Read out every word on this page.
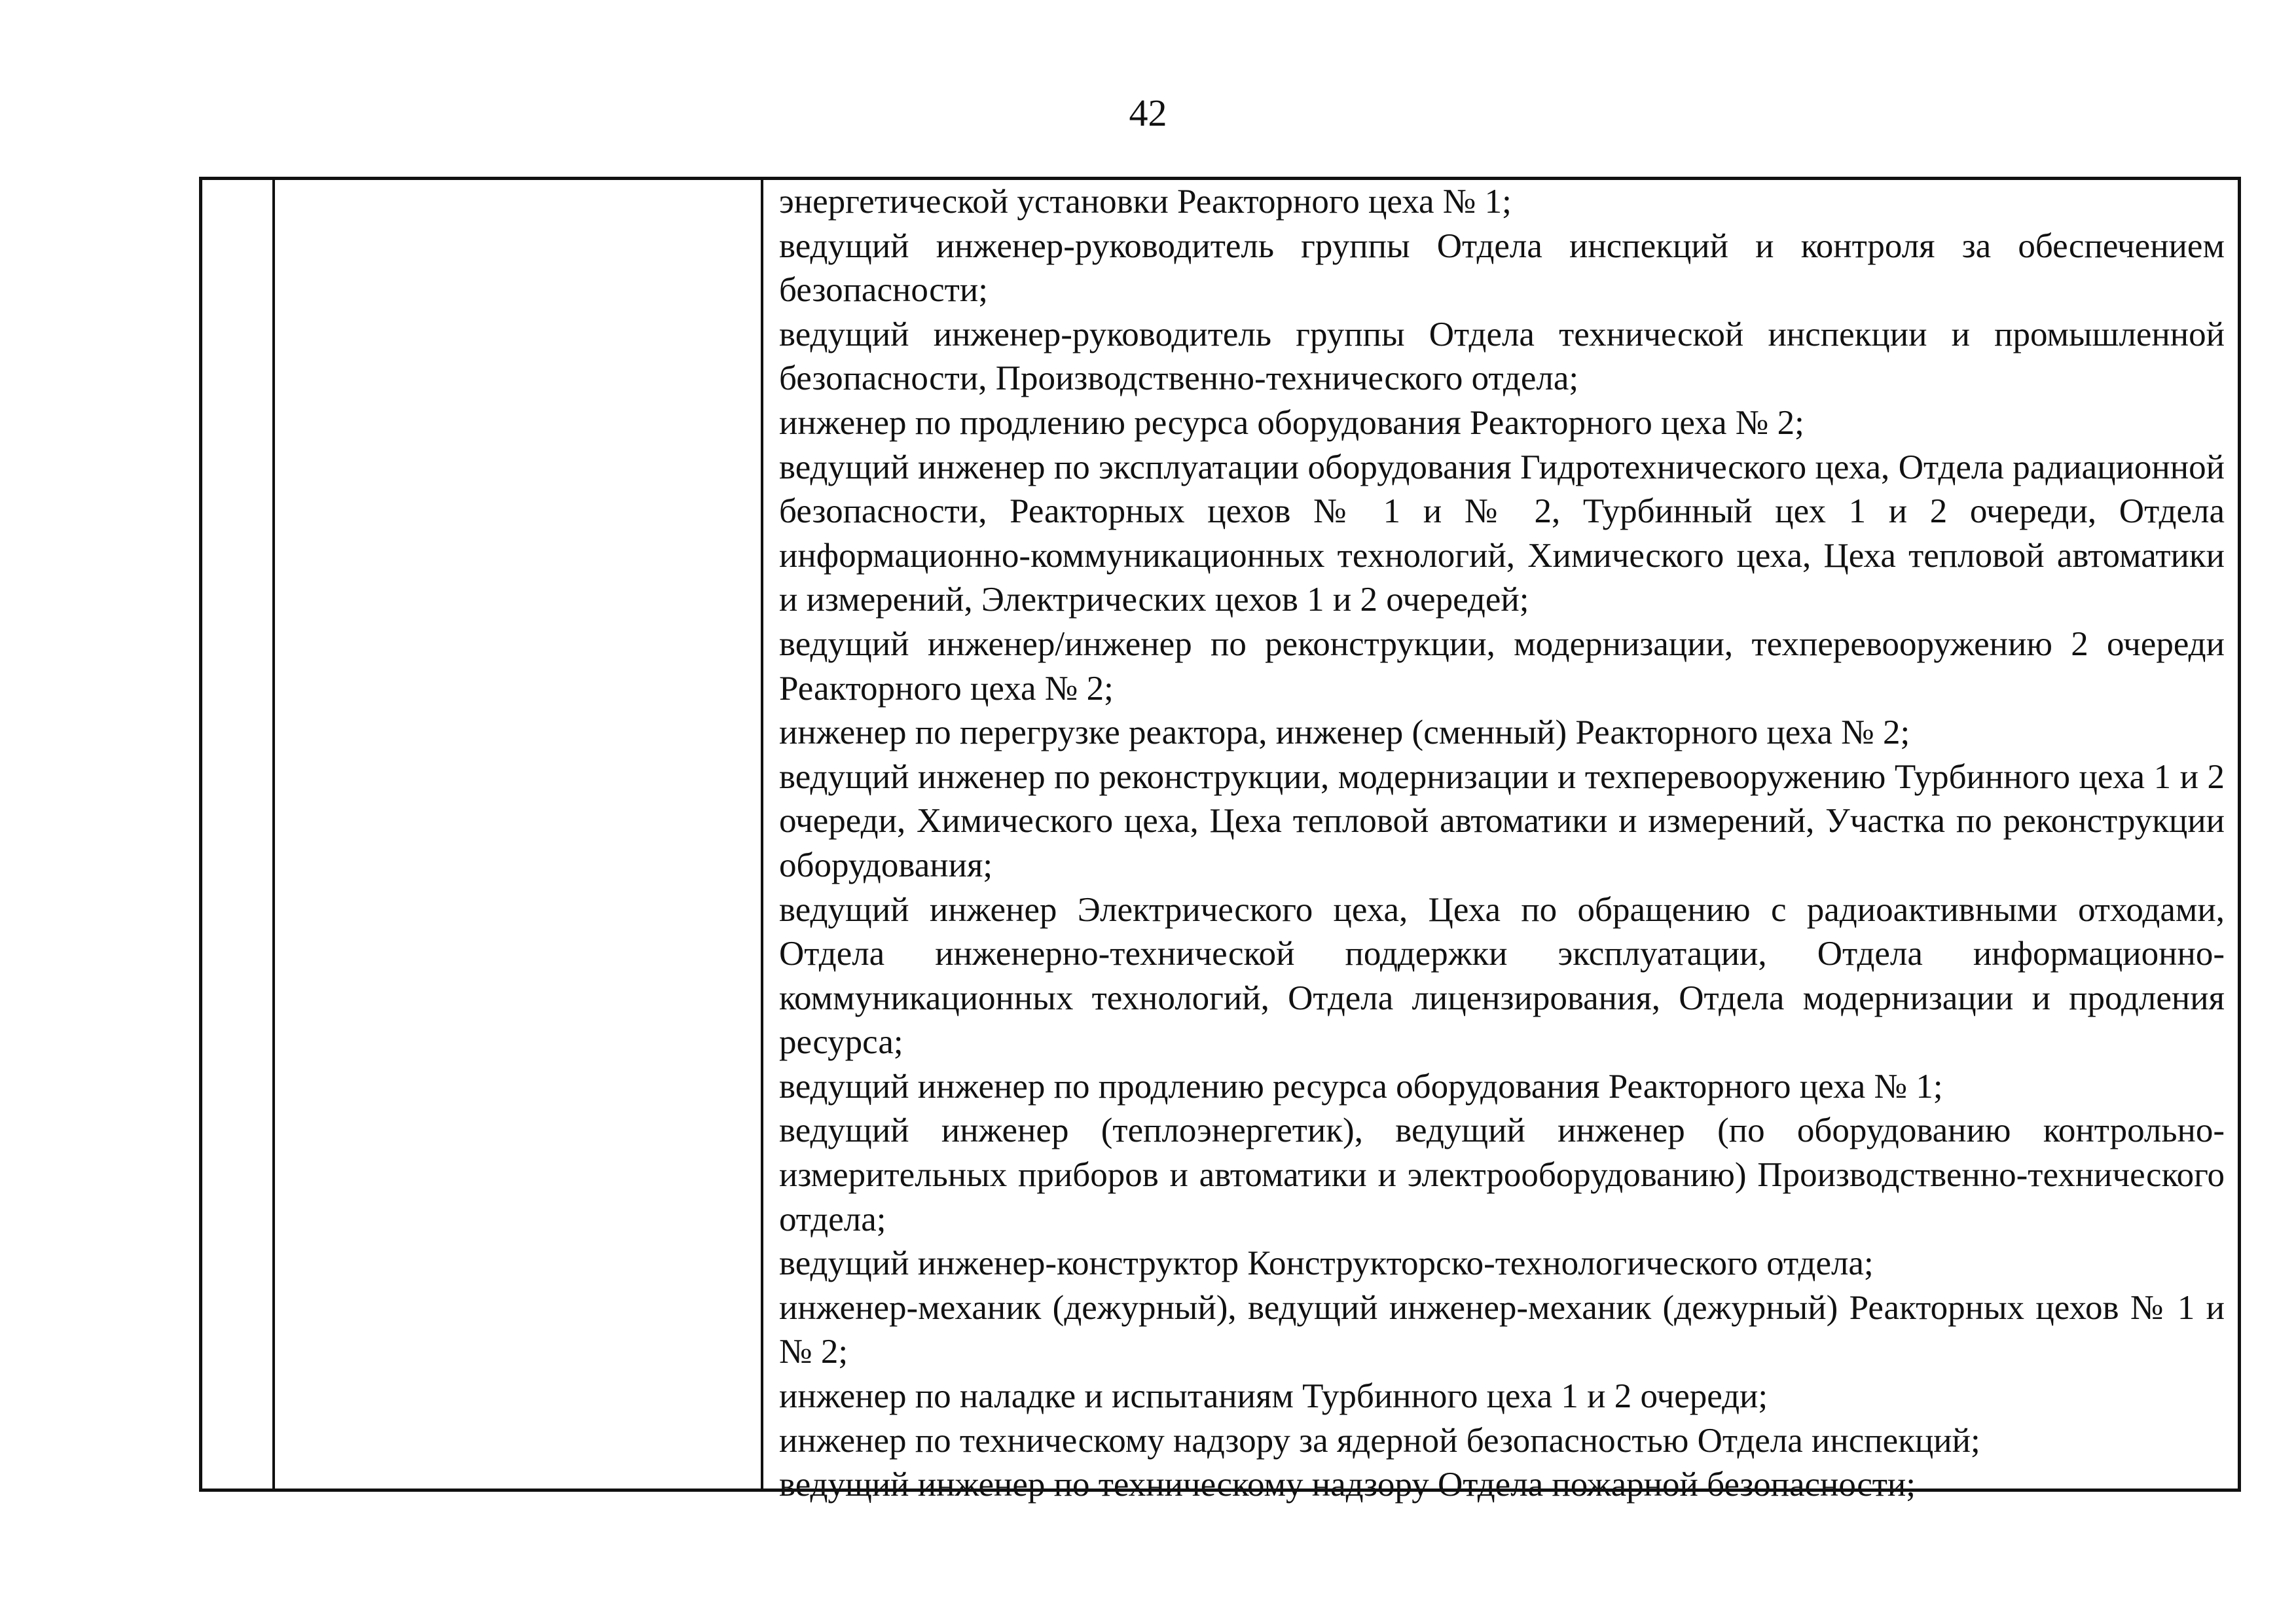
42
энергетической установки Реакторного цеха № 1;
ведущий инженер-руководитель группы Отдела инспекций и контроля за обеспечением безопасности;
ведущий инженер-руководитель группы Отдела технической инспекции и промышленной безопасности, Производственно-технического отдела;
инженер по продлению ресурса оборудования Реакторного цеха № 2;
ведущий инженер по эксплуатации оборудования Гидротехнического цеха, Отдела радиационной безопасности, Реакторных цехов № 1 и № 2, Турбинный цех 1 и 2 очереди, Отдела информационно-коммуникационных технологий, Химического цеха, Цеха тепловой автоматики и измерений, Электрических цехов 1 и 2 очередей;
ведущий инженер/инженер по реконструкции, модернизации, техперевооружению 2 очереди Реакторного цеха № 2;
инженер по перегрузке реактора, инженер (сменный) Реакторного цеха № 2;
ведущий инженер по реконструкции, модернизации и техперевооружению Турбинного цеха 1 и 2 очереди, Химического цеха, Цеха тепловой автоматики и измерений, Участка по реконструкции оборудования;
ведущий инженер Электрического цеха, Цеха по обращению с радиоактивными отходами, Отдела инженерно-технической поддержки эксплуатации, Отдела информационно-коммуникационных технологий, Отдела лицензирования, Отдела модернизации и продления ресурса;
ведущий инженер по продлению ресурса оборудования Реакторного цеха № 1;
ведущий инженер (теплоэнергетик), ведущий инженер (по оборудованию контрольно-измерительных приборов и автоматики и электрооборудованию) Производственно-технического отдела;
ведущий инженер-конструктор Конструкторско-технологического отдела;
инженер-механик (дежурный), ведущий инженер-механик (дежурный) Реакторных цехов № 1 и № 2;
инженер по наладке и испытаниям Турбинного цеха 1 и 2 очереди;
инженер по техническому надзору за ядерной безопасностью Отдела инспекций;
ведущий инженер по техническому надзору Отдела пожарной безопасности;
